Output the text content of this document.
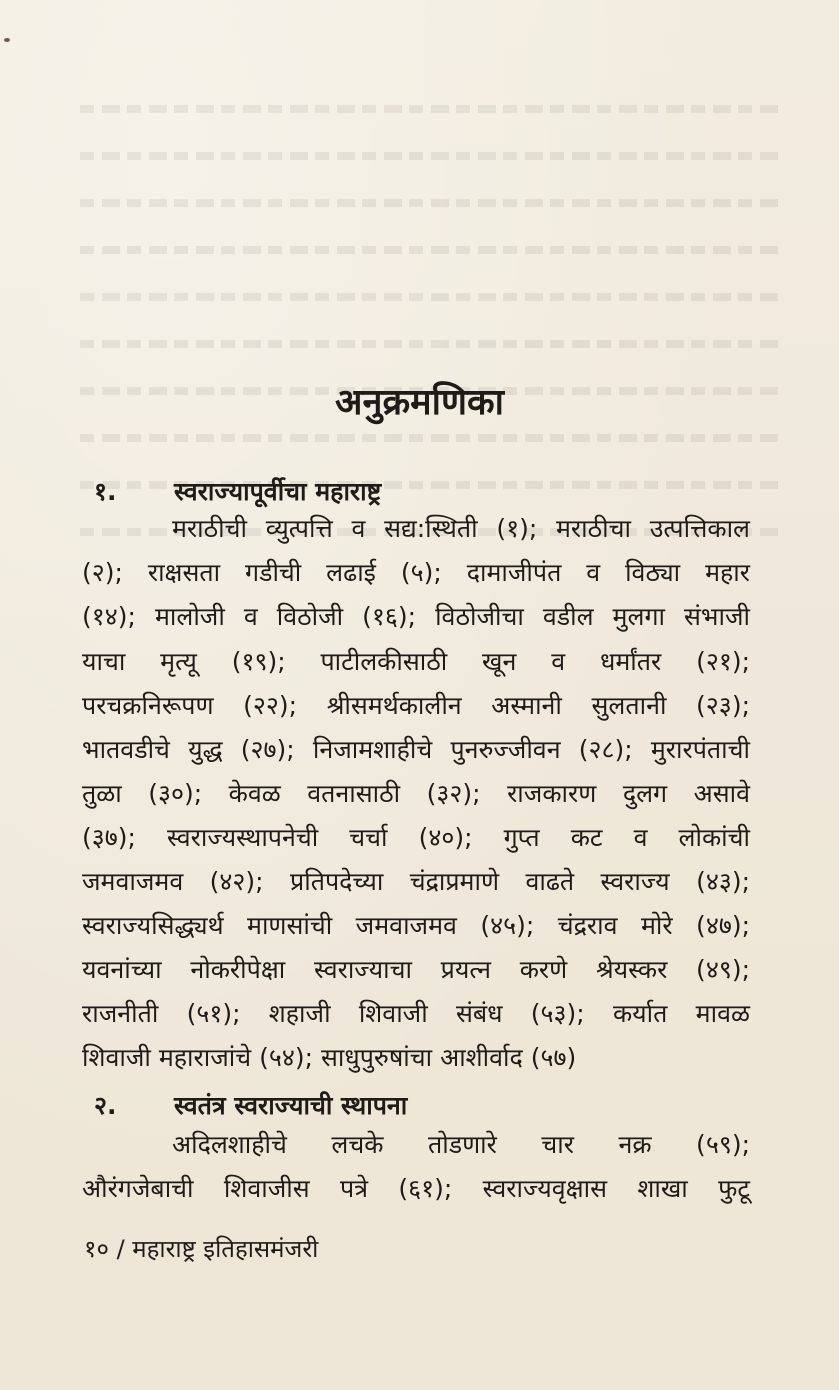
अनुक्रमणिका
१. स्वराज्यापूर्वीचा महाराष्ट्र
मराठीची व्युत्पत्ति व सद्य:स्थिती (१); मराठीचा उत्पत्तिकाल
(२); राक्षसता गडीची लढाई (५); दामाजीपंत व विठ्या महार
(१४); मालोजी व विठोजी (१६); विठोजीचा वडील मुलगा संभाजी
याचा मृत्यू (१९); पाटीलकीसाठी खून व धर्मांतर (२१);
परचक्रनिरूपण (२२); श्रीसमर्थकालीन अस्मानी सुलतानी (२३);
भातवडीचे युद्ध (२७); निजामशाहीचे पुनरुज्जीवन (२८); मुरारपंताची
तुळा (३०); केवळ वतनासाठी (३२); राजकारण दुलग असावे
(३७); स्वराज्यस्थापनेची चर्चा (४०); गुप्त कट व लोकांची
जमवाजमव (४२); प्रतिपदेच्या चंद्राप्रमाणे वाढते स्वराज्य (४३);
स्वराज्यसिद्ध्यर्थ माणसांची जमवाजमव (४५); चंद्रराव मोरे (४७);
यवनांच्या नोकरीपेक्षा स्वराज्याचा प्रयत्न करणे श्रेयस्कर (४९);
राजनीती (५१); शहाजी शिवाजी संबंध (५३); कर्यात मावळ
शिवाजी महाराजांचे (५४); साधुपुरुषांचा आशीर्वाद (५७)
२. स्वतंत्र स्वराज्याची स्थापना
अदिलशाहीचे लचके तोडणारे चार नक्र (५९);
औरंगजेबाची शिवाजीस पत्रे (६१); स्वराज्यवृक्षास शाखा फुटू
१० / महाराष्ट्र इतिहासमंजरी
